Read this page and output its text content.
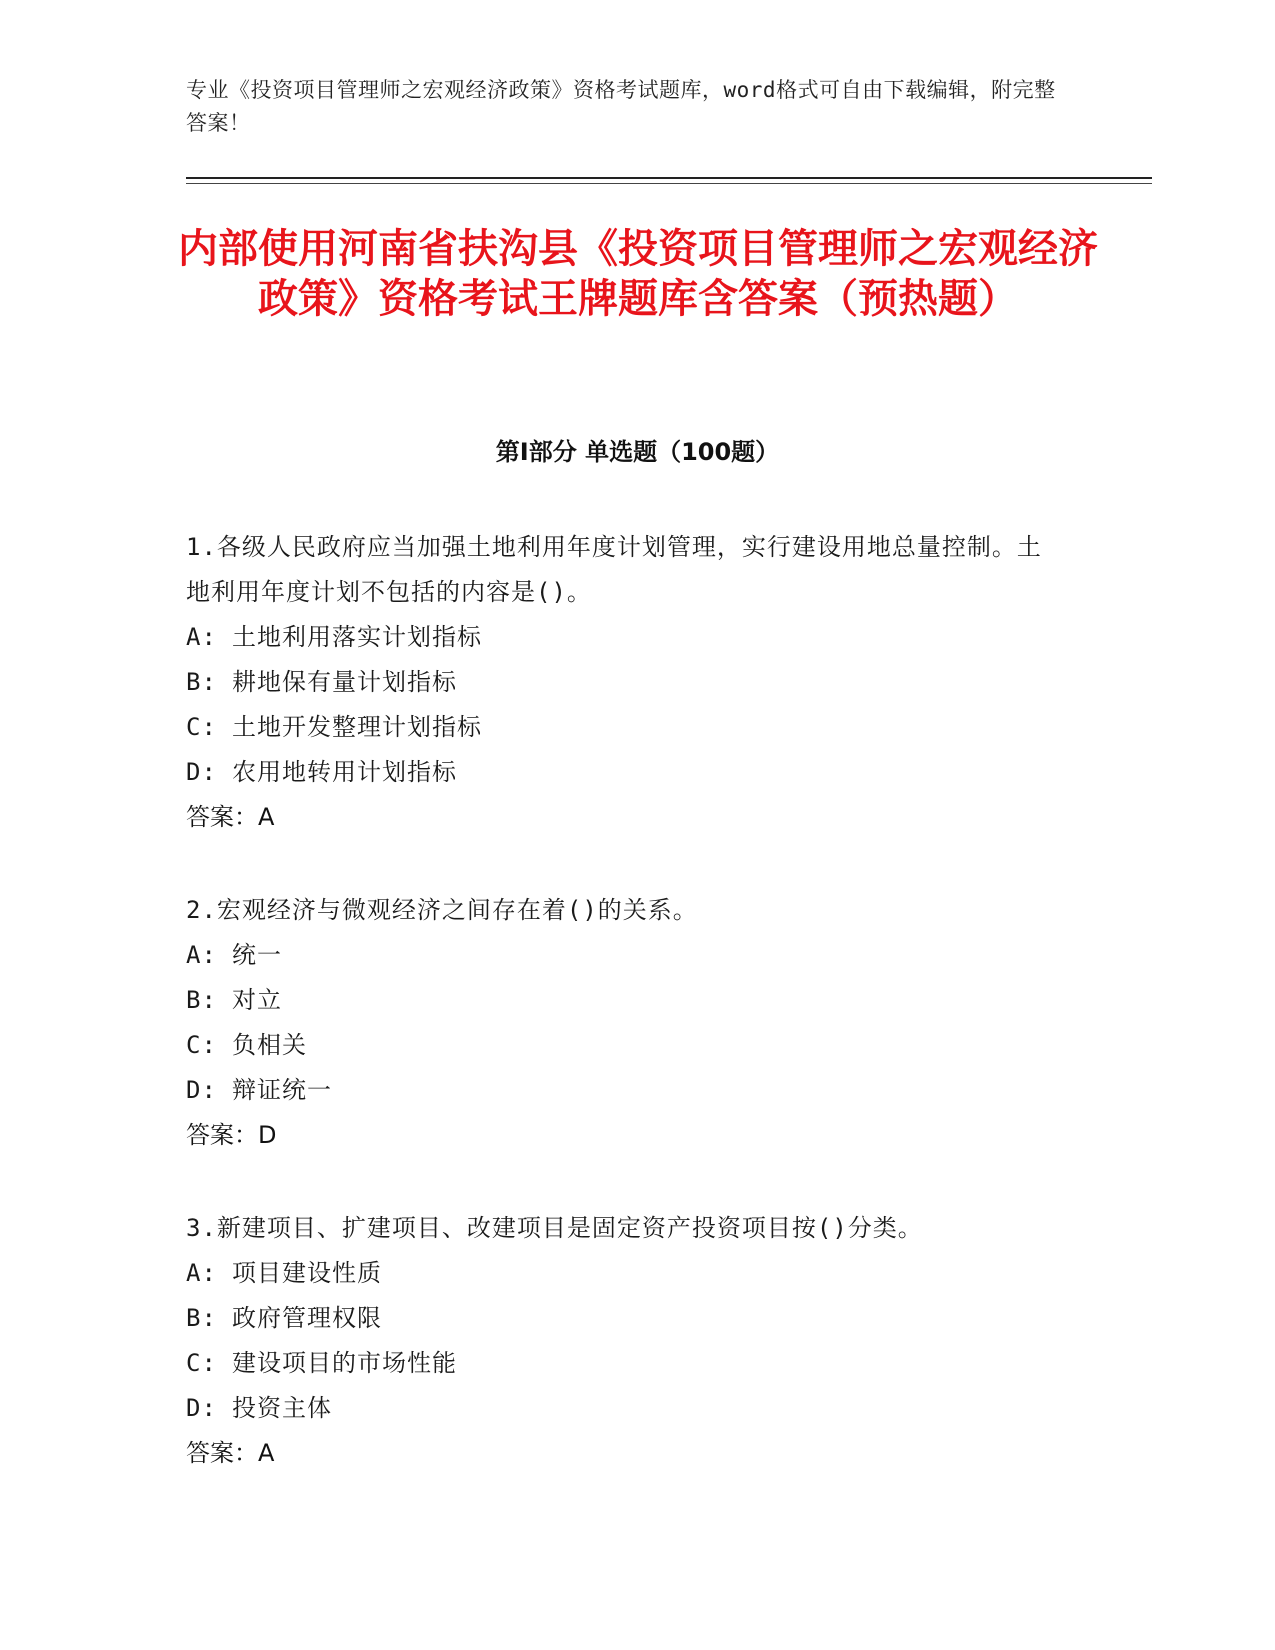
专业《投资项目管理师之宏观经济政策》资格考试题库，word格式可自由下载编辑，附完整答案！
内部使用河南省扶沟县《投资项目管理师之宏观经济政策》资格考试王牌题库含答案（预热题）
第Ⅰ部分 单选题（100题）
1.各级人民政府应当加强土地利用年度计划管理，实行建设用地总量控制。土地利用年度计划不包括的内容是()。
A: 土地利用落实计划指标
B: 耕地保有量计划指标
C: 土地开发整理计划指标
D: 农用地转用计划指标
答案：A
2.宏观经济与微观经济之间存在着()的关系。
A: 统一
B: 对立
C: 负相关
D: 辩证统一
答案：D
3.新建项目、扩建项目、改建项目是固定资产投资项目按()分类。
A: 项目建设性质
B: 政府管理权限
C: 建设项目的市场性能
D: 投资主体
答案：A
